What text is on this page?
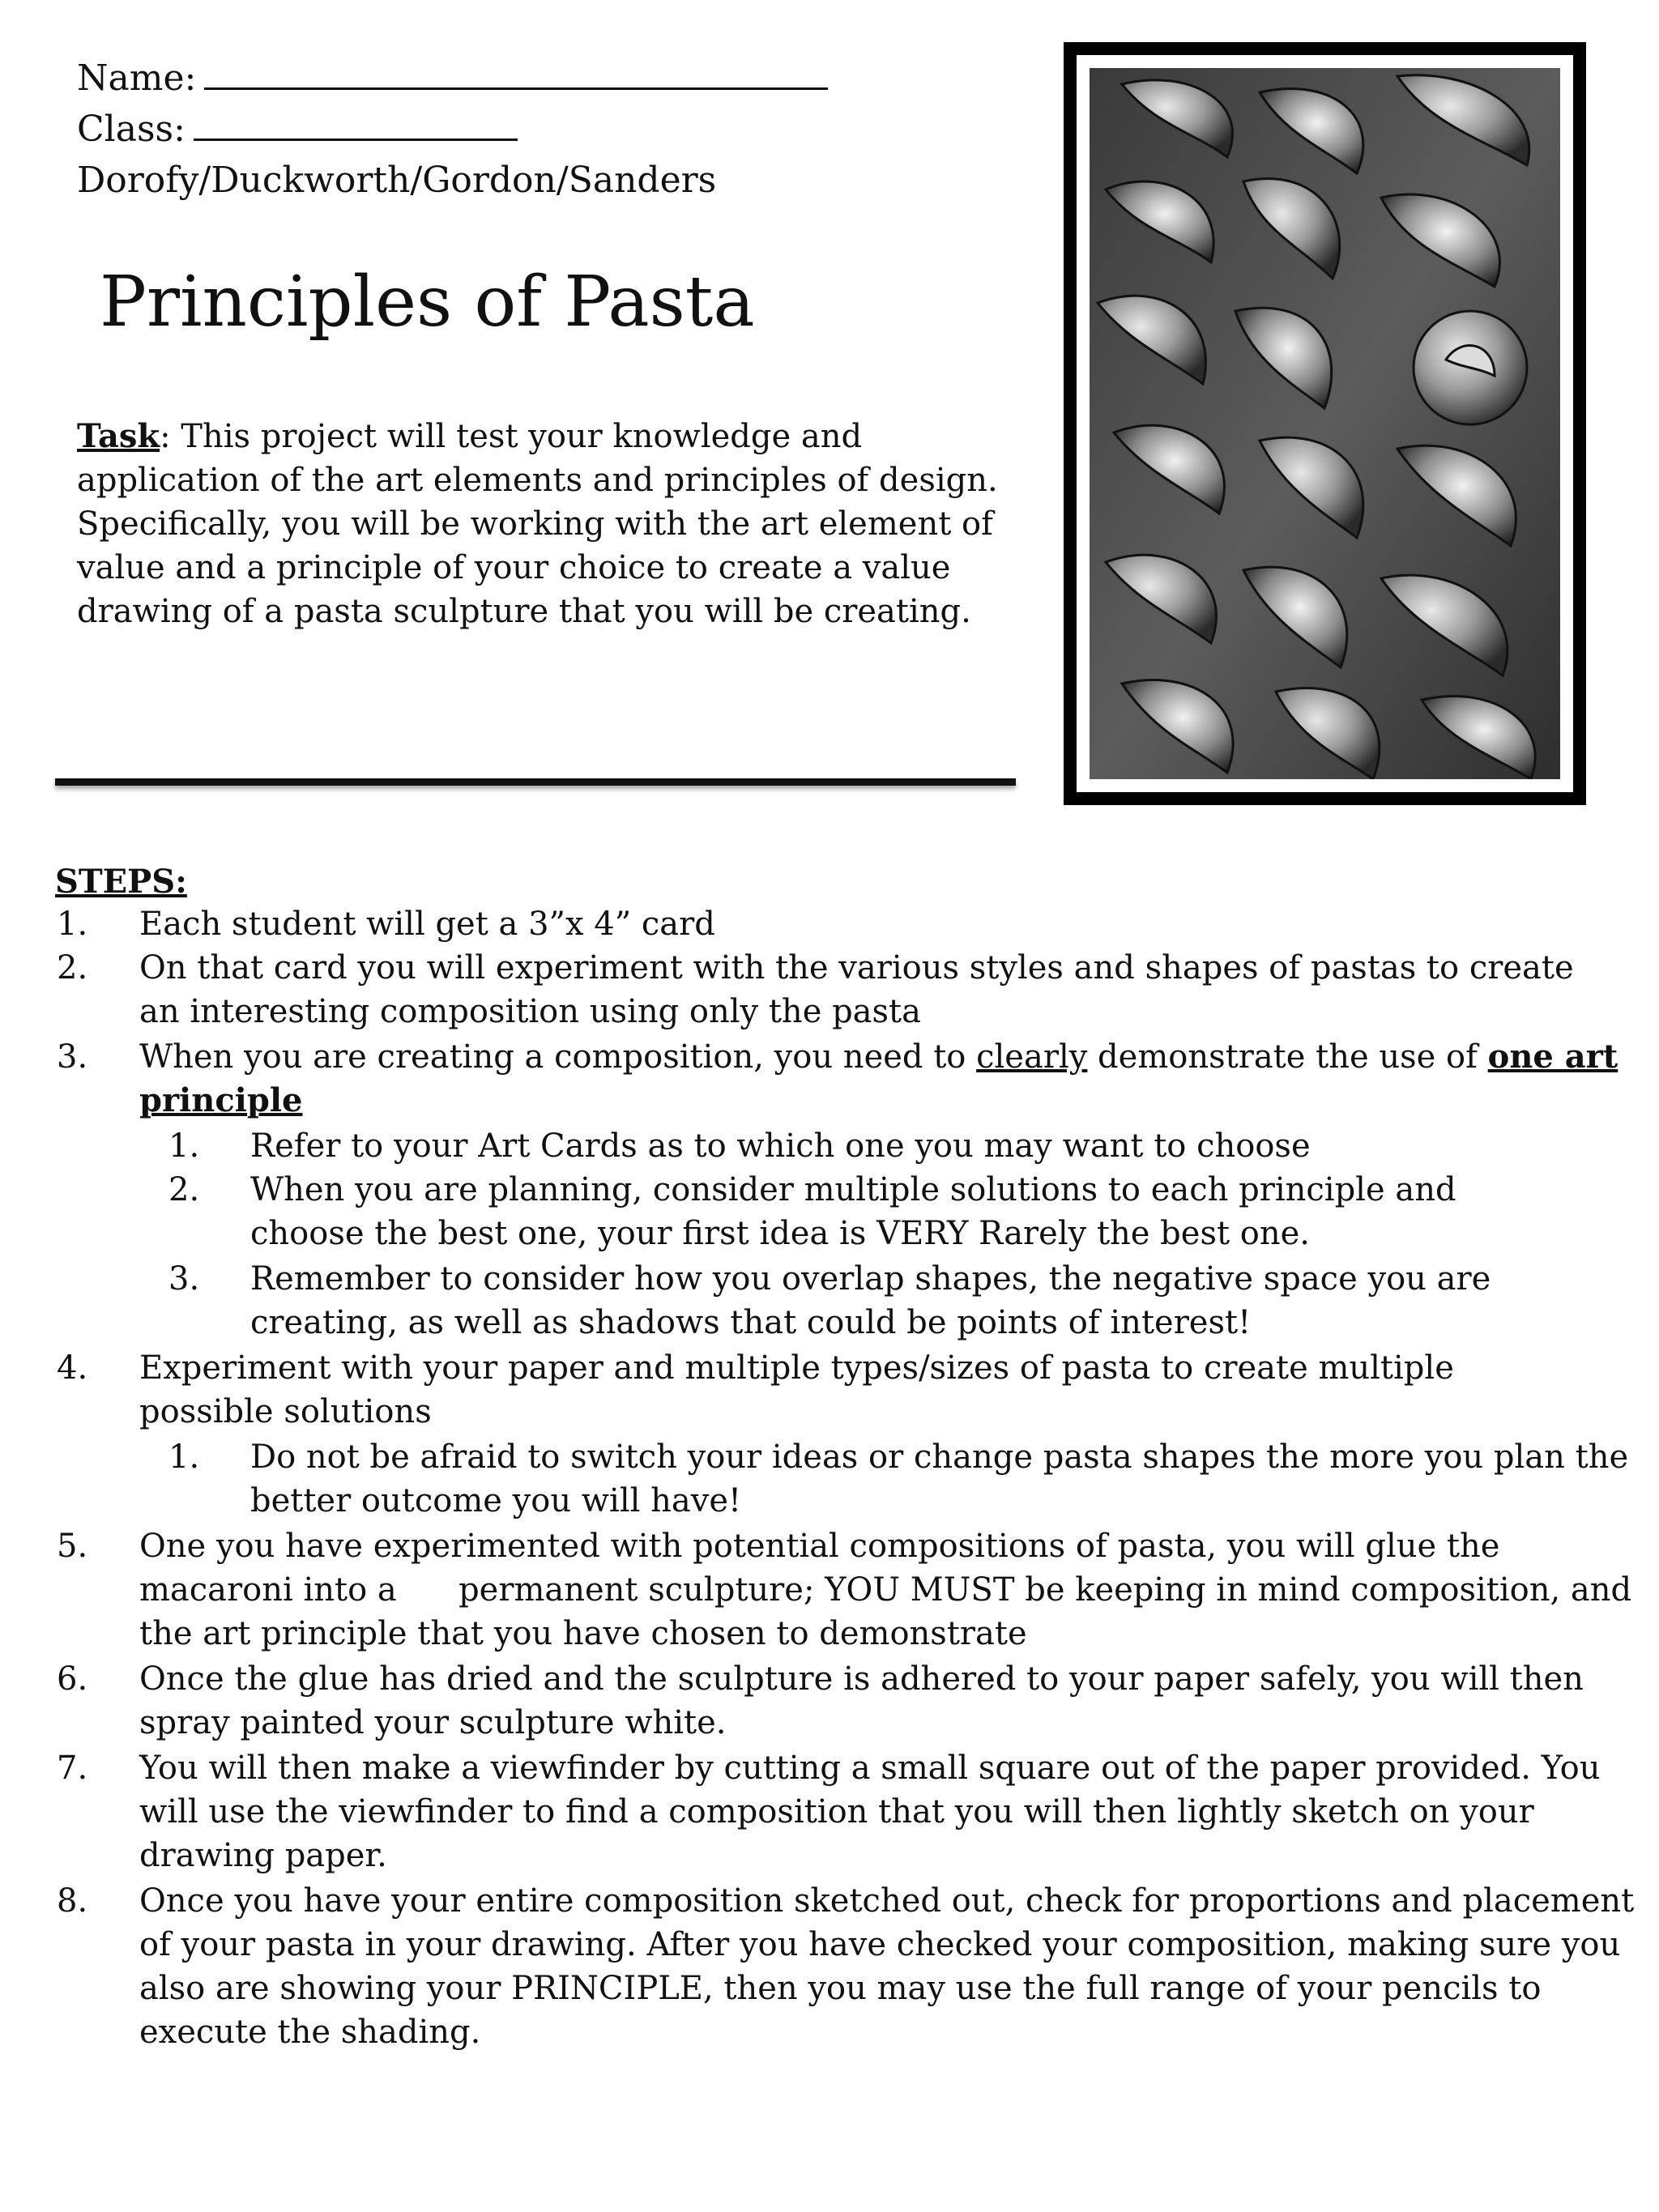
Name:
Class:
Dorofy/Duckworth/Gordon/Sanders
Principles of Pasta
Task: This project will test your knowledge and application of the art elements and principles of design. Specifically, you will be working with the art element of value and a principle of your choice to create a value drawing of a pasta sculpture that you will be creating.
STEPS:
1. Each student will get a 3”x 4” card
2. On that card you will experiment with the various styles and shapes of pastas to create an interesting composition using only the pasta
3. When you are creating a composition, you need to clearly demonstrate the use of one art principle
1. Refer to your Art Cards as to which one you may want to choose
2. When you are planning, consider multiple solutions to each principle and choose the best one, your first idea is VERY Rarely the best one.
3. Remember to consider how you overlap shapes, the negative space you are creating, as well as shadows that could be points of interest!
4. Experiment with your paper and multiple types/sizes of pasta to create multiple possible solutions
1. Do not be afraid to switch your ideas or change pasta shapes the more you plan the better outcome you will have!
5. One you have experimented with potential compositions of pasta, you will glue the macaroni into a      permanent sculpture; YOU MUST be keeping in mind composition, and the art principle that you have chosen to demonstrate
6. Once the glue has dried and the sculpture is adhered to your paper safely, you will then spray painted your sculpture white.
7. You will then make a viewfinder by cutting a small square out of the paper provided. You will use the viewfinder to find a composition that you will then lightly sketch on your drawing paper.
8. Once you have your entire composition sketched out, check for proportions and placement of your pasta in your drawing. After you have checked your composition, making sure you also are showing your PRINCIPLE, then you may use the full range of your pencils to execute the shading.
